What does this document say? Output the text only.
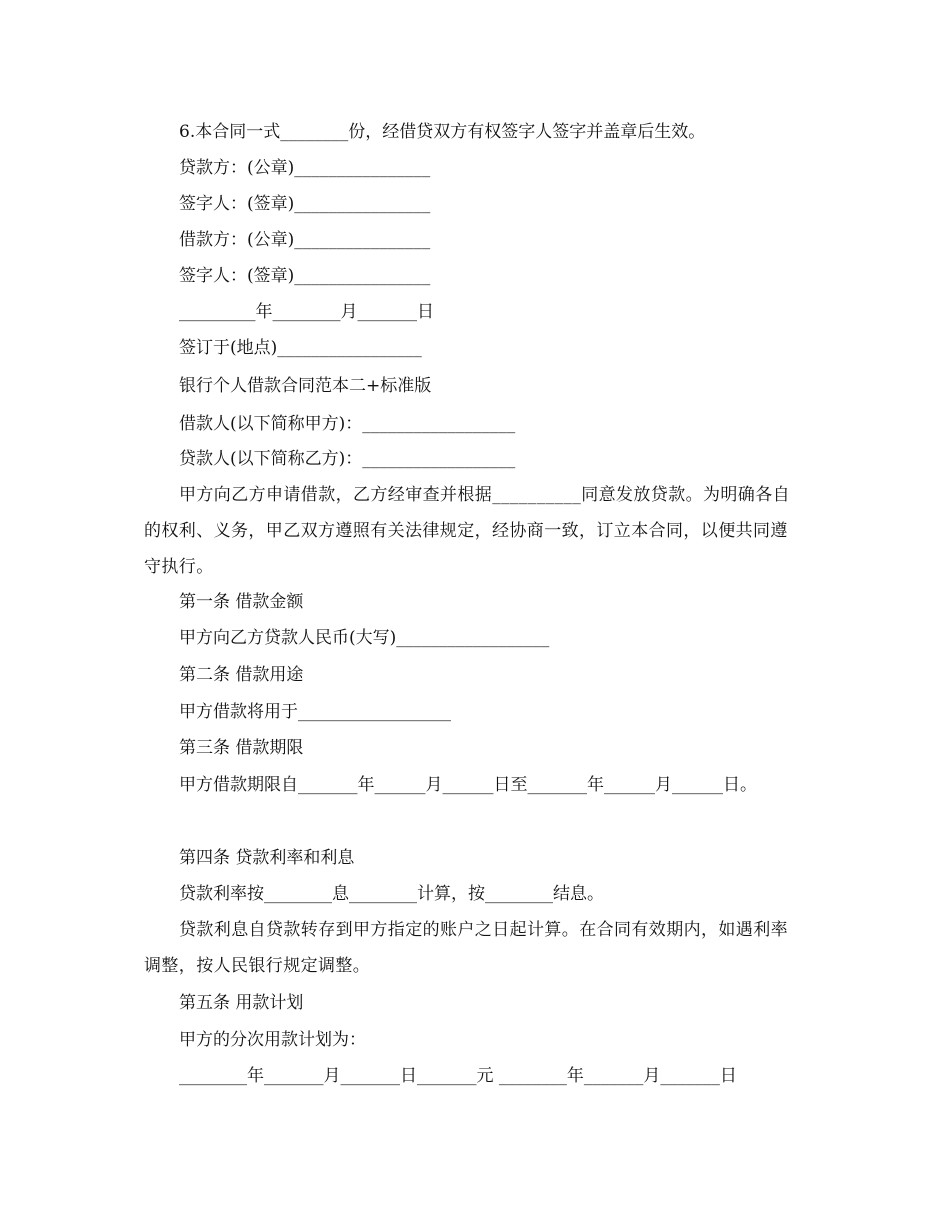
6.本合同一式________份，经借贷双方有权签字人签字并盖章后生效。

贷款方：(公章)________________

签字人：(签章)________________

借款方：(公章)________________

签字人：(签章)________________

_________年________月_______日

签订于(地点)_________________

银行个人借款合同范本二+标准版

借款人(以下简称甲方)：__________________

贷款人(以下简称乙方)：__________________

甲方向乙方申请借款，乙方经审查并根据__________同意发放贷款。为明确各自的权利、义务，甲乙双方遵照有关法律规定，经协商一致，订立本合同，以便共同遵守执行。

第一条 借款金额

甲方向乙方贷款人民币(大写)__________________

第二条 借款用途

甲方借款将用于__________________

第三条 借款期限

甲方借款期限自_______年______月______日至_______年______月______日。

第四条 贷款利率和利息

贷款利率按________息________计算，按________结息。

贷款利息自贷款转存到甲方指定的账户之日起计算。在合同有效期内，如遇利率调整，按人民银行规定调整。

第五条 用款计划

甲方的分次用款计划为：

________年_______月_______日_______元 ________年_______月_______日
